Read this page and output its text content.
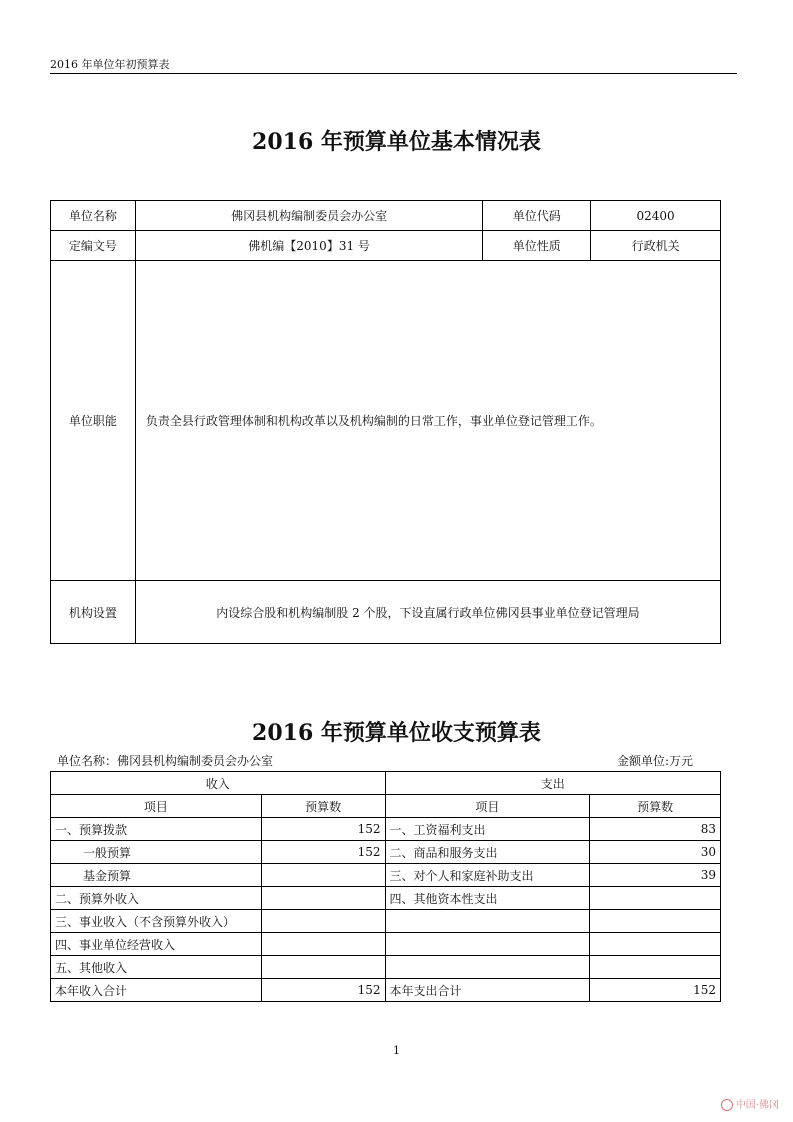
2016 年单位年初预算表
2016 年预算单位基本情况表
单位名称	佛冈县机构编制委员会办公室	单位代码	02400
定编文号	佛机编【2010】31 号	单位性质	行政机关
单位职能	负责全县行政管理体制和机构改革以及机构编制的日常工作，事业单位登记管理工作。		
机构设置	内设综合股和机构编制股 2 个股，下设直属行政单位佛冈县事业单位登记管理局		
2016 年预算单位收支预算表
单位名称：佛冈县机构编制委员会办公室	金额单位:万元
收入		支出	
项目	预算数	项目	预算数
一、预算拨款	152	一、工资福利支出	83
一般预算	152	二、商品和服务支出	30
基金预算		三、对个人和家庭补助支出	39
二、预算外收入		四、其他资本性支出	
三、事业收入（不含预算外收入）			
四、事业单位经营收入			
五、其他收入			
本年收入合计	152	本年支出合计	152
1
中国·佛冈
